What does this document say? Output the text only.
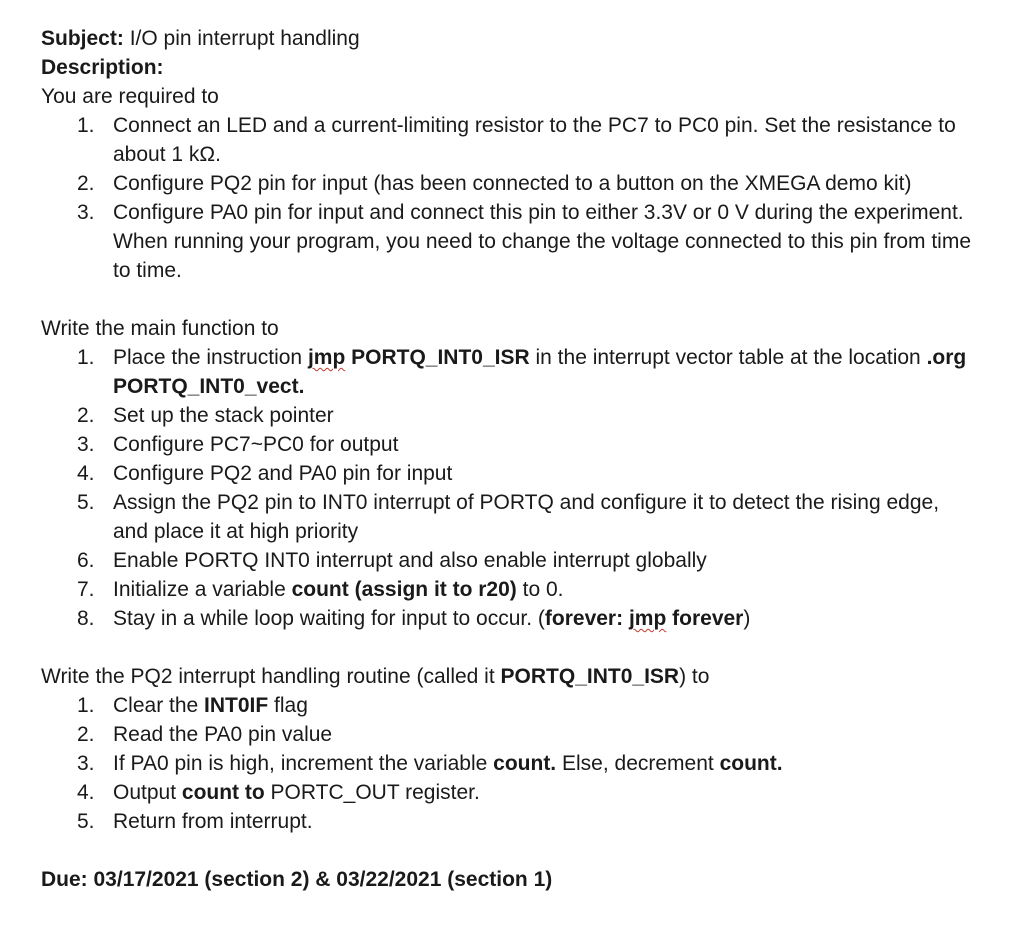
Subject: I/O pin interrupt handling
Description:
You are required to
1. Connect an LED and a current-limiting resistor to the PC7 to PC0 pin. Set the resistance to about 1 kΩ.
2. Configure PQ2 pin for input (has been connected to a button on the XMEGA demo kit)
3. Configure PA0 pin for input and connect this pin to either 3.3V or 0 V during the experiment. When running your program, you need to change the voltage connected to this pin from time to time.
Write the main function to
1. Place the instruction jmp PORTQ_INT0_ISR in the interrupt vector table at the location .org PORTQ_INT0_vect.
2. Set up the stack pointer
3. Configure PC7~PC0 for output
4. Configure PQ2 and PA0 pin for input
5. Assign the PQ2 pin to INT0 interrupt of PORTQ and configure it to detect the rising edge, and place it at high priority
6. Enable PORTQ INT0 interrupt and also enable interrupt globally
7. Initialize a variable count (assign it to r20) to 0.
8. Stay in a while loop waiting for input to occur. (forever: jmp forever)
Write the PQ2 interrupt handling routine (called it PORTQ_INT0_ISR) to
1. Clear the INT0IF flag
2. Read the PA0 pin value
3. If PA0 pin is high, increment the variable count. Else, decrement count.
4. Output count to PORTC_OUT register.
5. Return from interrupt.
Due: 03/17/2021 (section 2) & 03/22/2021 (section 1)
